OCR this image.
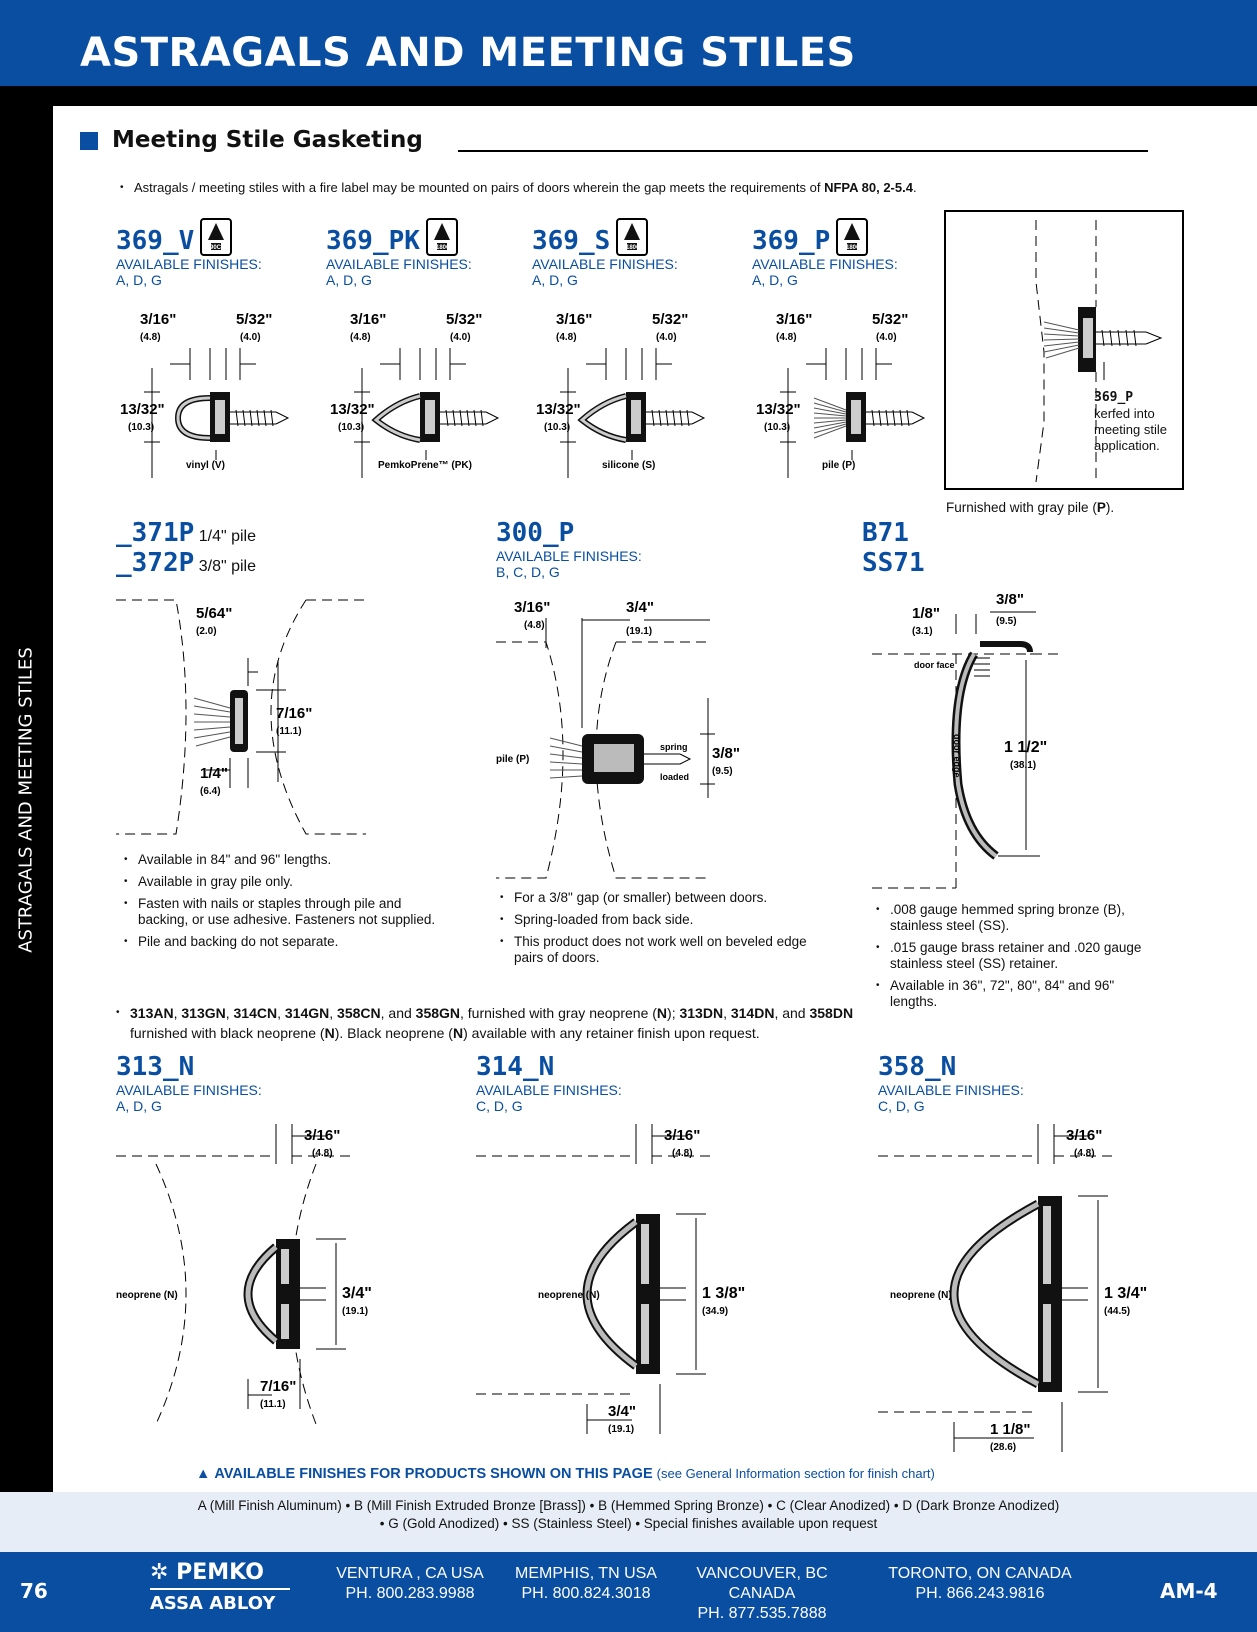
ASTRAGALS AND MEETING STILES
ASTRAGALS AND MEETING STILES
Meeting Stile Gasketing
• Astragals / meeting stiles with a fire label may be mounted on pairs of doors wherein the gap meets the requirements of NFPA 80, 2-5.4.
369_V	90C
AVAILABLE FINISHES:
A, D, G
3/16"
(4.8)
5/32"
(4.0)
13/32"
(10.3)
vinyl (V)
369_PK	180C
AVAILABLE FINISHES:
A, D, G
3/16"
(4.8)
5/32"
(4.0)
13/32"
(10.3)
PemkoPrene™ (PK)
369_S	180C
AVAILABLE FINISHES:
A, D, G
3/16"
(4.8)
5/32"
(4.0)
13/32"
(10.3)
silicone (S)
369_P	180C
AVAILABLE FINISHES:
A, D, G
3/16"
(4.8)
5/32"
(4.0)
13/32"
(10.3)
pile (P)
369_P
kerfed into meeting stile application.
Furnished with gray pile (P).
_371P 1/4" pile
_372P 3/8" pile
5/64"
(2.0)
7/16"
(11.1)
1/4"
(6.4)
• Available in 84" and 96" lengths.
• Available in gray pile only.
• Fasten with nails or staples through pile and backing, or use adhesive. Fasteners not supplied.
• Pile and backing do not separate.
300_P
AVAILABLE FINISHES:
B, C, D, G
3/16"
(4.8)
3/4"
(19.1)
3/8"
(9.5)
pile (P)
spring
loaded
• For a 3/8" gap (or smaller) between doors.
• Spring-loaded from back side.
• This product does not work well on beveled edge pairs of doors.
B71
SS71
1/8"
(3.1)
3/8"
(9.5)
1 1/2"
(38.1)
door face
door edge
• .008 gauge hemmed spring bronze (B), stainless steel (SS).
• .015 gauge brass retainer and .020 gauge stainless steel (SS) retainer.
• Available in 36", 72", 80", 84" and 96" lengths.
• 313AN, 313GN, 314CN, 314GN, 358CN, and 358GN, furnished with gray neoprene (N); 313DN, 314DN, and 358DN furnished with black neoprene (N). Black neoprene (N) available with any retainer finish upon request.
313_N
AVAILABLE FINISHES:
A, D, G
3/16"
(4.8)
3/4"
(19.1)
7/16"
(11.1)
neoprene (N)
314_N
AVAILABLE FINISHES:
C, D, G
3/16"
(4.8)
1 3/8"
(34.9)
3/4"
(19.1)
neoprene (N)
358_N
AVAILABLE FINISHES:
C, D, G
3/16"
(4.8)
1 3/4"
(44.5)
1 1/8"
(28.6)
neoprene (N)
▲ AVAILABLE FINISHES FOR PRODUCTS SHOWN ON THIS PAGE (see General Information section for finish chart)
A (Mill Finish Aluminum) • B (Mill Finish Extruded Bronze [Brass]) • B (Hemmed Spring Bronze) • C (Clear Anodized) • D (Dark Bronze Anodized)
• G (Gold Anodized) • SS (Stainless Steel) • Special finishes available upon request
76
✲ PEMKO
ASSA ABLOY
VENTURA , CA USA
PH. 800.283.9988
MEMPHIS, TN USA
PH. 800.824.3018
VANCOUVER, BC CANADA
PH. 877.535.7888
TORONTO, ON CANADA
PH. 866.243.9816	AM-4
